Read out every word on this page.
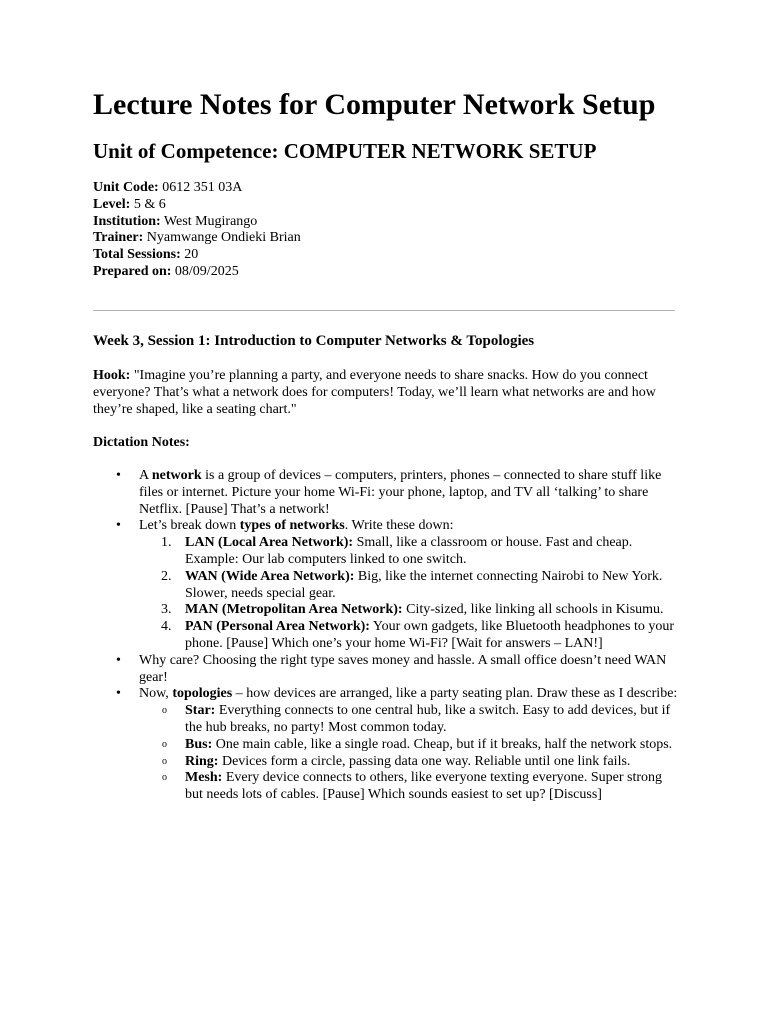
Lecture Notes for Computer Network Setup
Unit of Competence: COMPUTER NETWORK SETUP
Unit Code: 0612 351 03A
Level: 5 & 6
Institution: West Mugirango
Trainer: Nyamwange Ondieki Brian
Total Sessions: 20
Prepared on: 08/09/2025
Week 3, Session 1: Introduction to Computer Networks & Topologies

Hook: "Imagine you’re planning a party, and everyone needs to share snacks. How do you connect everyone? That’s what a network does for computers! Today, we’ll learn what networks are and how they’re shaped, like a seating chart."

Dictation Notes:

• A network is a group of devices – computers, printers, phones – connected to share stuff like files or internet. Picture your home Wi-Fi: your phone, laptop, and TV all ‘talking’ to share Netflix. [Pause] That’s a network!
• Let’s break down types of networks. Write these down:
1. LAN (Local Area Network): Small, like a classroom or house. Fast and cheap. Example: Our lab computers linked to one switch.
2. WAN (Wide Area Network): Big, like the internet connecting Nairobi to New York. Slower, needs special gear.
3. MAN (Metropolitan Area Network): City-sized, like linking all schools in Kisumu.
4. PAN (Personal Area Network): Your own gadgets, like Bluetooth headphones to your phone. [Pause] Which one’s your home Wi-Fi? [Wait for answers – LAN!]
• Why care? Choosing the right type saves money and hassle. A small office doesn’t need WAN gear!
• Now, topologies – how devices are arranged, like a party seating plan. Draw these as I describe:
o Star: Everything connects to one central hub, like a switch. Easy to add devices, but if the hub breaks, no party! Most common today.
o Bus: One main cable, like a single road. Cheap, but if it breaks, half the network stops.
o Ring: Devices form a circle, passing data one way. Reliable until one link fails.
o Mesh: Every device connects to others, like everyone texting everyone. Super strong but needs lots of cables. [Pause] Which sounds easiest to set up? [Discuss]
